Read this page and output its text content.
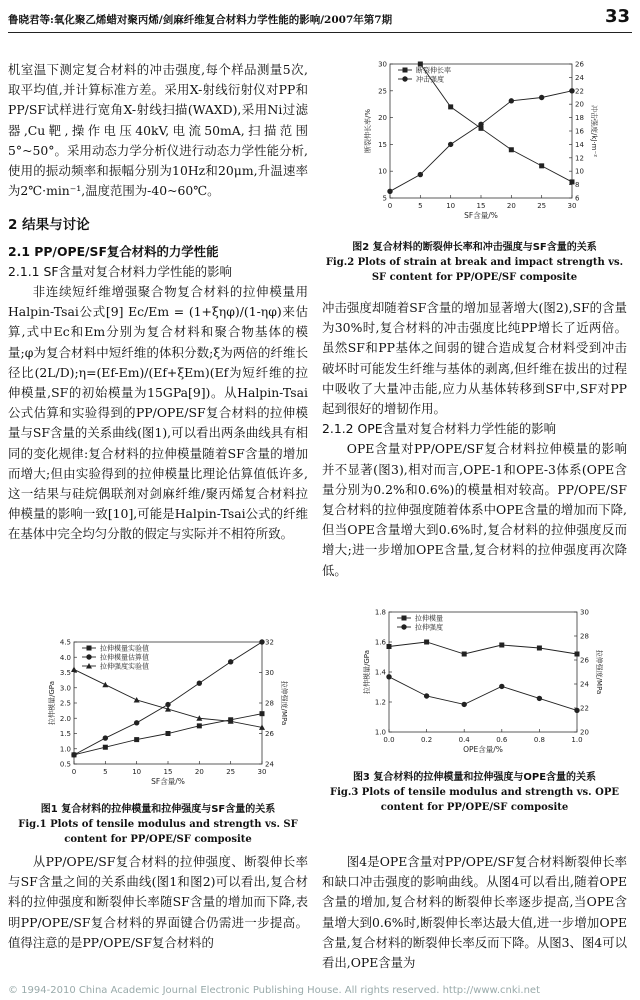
鲁晓君等:氧化聚乙烯蜡对聚丙烯/剑麻纤维复合材料力学性能的影响/2007年第7期	33

机室温下测定复合材料的冲击强度,每个样品测量5次,取平均值,并计算标准方差。采用X-射线衍射仪对PP和PP/SF试样进行宽角X-射线扫描(WAXD),采用Ni过滤器,Cu靶,操作电压40kV,电流50mA,扫描范围5°~50°。采用动态力学分析仪进行动态力学性能分析,使用的振动频率和振幅分别为10Hz和20μm,升温速率为2℃·min⁻¹,温度范围为-40~60℃。

2 结果与讨论
2.1 PP/OPE/SF复合材料的力学性能
2.1.1 SF含量对复合材料力学性能的影响

非连续短纤维增强聚合物复合材料的拉伸模量用Halpin-Tsai公式[9] Ec/Em = (1+ξηφ)/(1-ηφ)来估算,式中Ec和Em分别为复合材料和聚合物基体的模量;φ为复合材料中短纤维的体积分数;ξ为两倍的纤维长径比(2L/D);η=(Ef-Em)/(Ef+ξEm)(Ef为短纤维的拉伸模量,SF的初始模量为15GPa[9])。从Halpin-Tsai公式估算和实验得到的PP/OPE/SF复合材料的拉伸模量与SF含量的关系曲线(图1),可以看出两条曲线具有相同的变化规律:复合材料的拉伸模量随着SF含量的增加而增大;但由实验得到的拉伸模量比理论估算值低许多,这一结果与硅烷偶联剂对剑麻纤维/聚丙烯复合材料拉伸模量的影响一致[10],可能是Halpin-Tsai公式的纤维在基体中完全均匀分散的假定与实际并不相符所致。

0	5	10	15	20	25	30
0.5
1.0
1.5
2.0
2.5
3.0
3.5
4.0
4.5
24
26
28
30
32
SF含量/%
拉伸模量/GPa	拉伸强度/MPa
拉伸模量实验值
拉伸模量估算值
拉伸强度实验值
图1 复合材料的拉伸模量和拉伸强度与SF含量的关系
Fig.1 Plots of tensile modulus and strength vs. SF content for PP/OPE/SF composite

从PP/OPE/SF复合材料的拉伸强度、断裂伸长率与SF含量之间的关系曲线(图1和图2)可以看出,复合材料的拉伸强度和断裂伸长率随SF含量的增加而下降,表明PP/OPE/SF复合材料的界面键合仍需进一步提高。值得注意的是PP/OPE/SF复合材料的

0	5	10	15	20	25	30
5
10
15
20
25
30
6
8
10
12
14
16
18
20
22
24
26
SF含量/%
断裂伸长率/%	冲击强度/kJ·m⁻²
断裂伸长率
冲击强度
图2 复合材料的断裂伸长率和冲击强度与SF含量的关系
Fig.2 Plots of strain at break and impact strength vs. SF content for PP/OPE/SF composite

冲击强度却随着SF含量的增加显著增大(图2),SF的含量为30%时,复合材料的冲击强度比纯PP增长了近两倍。虽然SF和PP基体之间弱的键合造成复合材料受到冲击破坏时可能发生纤维与基体的剥离,但纤维在拔出的过程中吸收了大量冲击能,应力从基体转移到SF中,SF对PP起到很好的增韧作用。

2.1.2 OPE含量对复合材料力学性能的影响

OPE含量对PP/OPE/SF复合材料拉伸模量的影响并不显著(图3),相对而言,OPE-1和OPE-3体系(OPE含量分别为0.2%和0.6%)的模量相对较高。PP/OPE/SF复合材料的拉伸强度随着体系中OPE含量的增加而下降,但当OPE含量增大到0.6%时,复合材料的拉伸强度反而增大;进一步增加OPE含量,复合材料的拉伸强度再次降低。

0.0	0.2	0.4	0.6	0.8	1.0
1.0
1.2
1.4
1.6
1.8
20
22
24
26
28
30
OPE含量/%
拉伸模量/GPa	拉伸强度/MPa
拉伸模量
拉伸强度
图3 复合材料的拉伸模量和拉伸强度与OPE含量的关系
Fig.3 Plots of tensile modulus and strength vs. OPE content for PP/OPE/SF composite

图4是OPE含量对PP/OPE/SF复合材料断裂伸长率和缺口冲击强度的影响曲线。从图4可以看出,随着OPE含量的增加,复合材料的断裂伸长率逐步提高,当OPE含量增大到0.6%时,断裂伸长率达最大值,进一步增加OPE含量,复合材料的断裂伸长率反而下降。从图3、图4可以看出,OPE含量为

© 1994-2010 China Academic Journal Electronic Publishing House. All rights reserved. http://www.cnki.net
